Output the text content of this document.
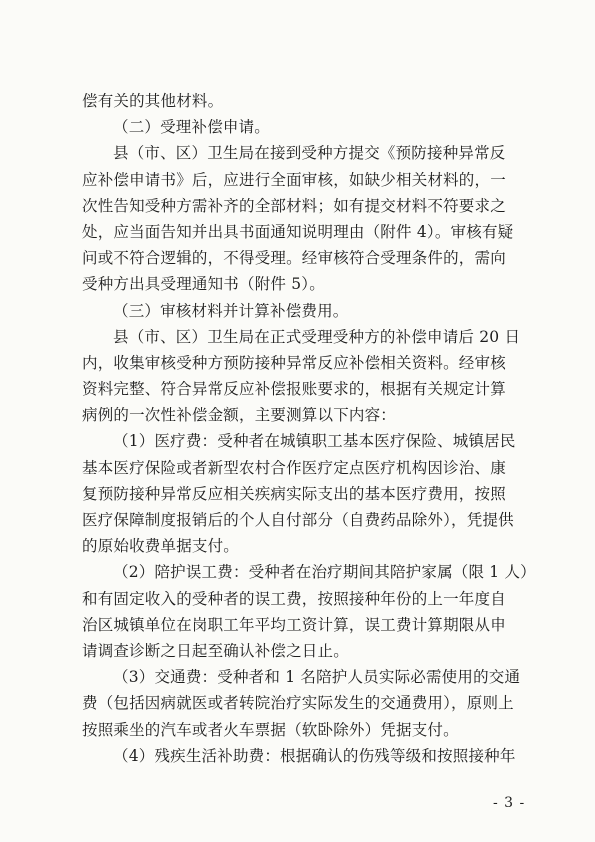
偿有关的其他材料。
（二）受理补偿申请。
县（市、区）卫生局在接到受种方提交《预防接种异常反
应补偿申请书》后，应进行全面审核，如缺少相关材料的，一
次性告知受种方需补齐的全部材料；如有提交材料不符要求之
处，应当面告知并出具书面通知说明理由（附件 4）。审核有疑
问或不符合逻辑的，不得受理。经审核符合受理条件的，需向
受种方出具受理通知书（附件 5）。
（三）审核材料并计算补偿费用。
县（市、区）卫生局在正式受理受种方的补偿申请后 20 日
内，收集审核受种方预防接种异常反应补偿相关资料。经审核
资料完整、符合异常反应补偿报账要求的，根据有关规定计算
病例的一次性补偿金额，主要测算以下内容：
（1）医疗费：受种者在城镇职工基本医疗保险、城镇居民
基本医疗保险或者新型农村合作医疗定点医疗机构因诊治、康
复预防接种异常反应相关疾病实际支出的基本医疗费用，按照
医疗保障制度报销后的个人自付部分（自费药品除外），凭提供
的原始收费单据支付。
（2）陪护误工费：受种者在治疗期间其陪护家属（限 1 人）
和有固定收入的受种者的误工费，按照接种年份的上一年度自
治区城镇单位在岗职工年平均工资计算，误工费计算期限从申
请调查诊断之日起至确认补偿之日止。
（3）交通费：受种者和 1 名陪护人员实际必需使用的交通
费（包括因病就医或者转院治疗实际发生的交通费用），原则上
按照乘坐的汽车或者火车票据（软卧除外）凭据支付。
（4）残疾生活补助费：根据确认的伤残等级和按照接种年
- 3 -
